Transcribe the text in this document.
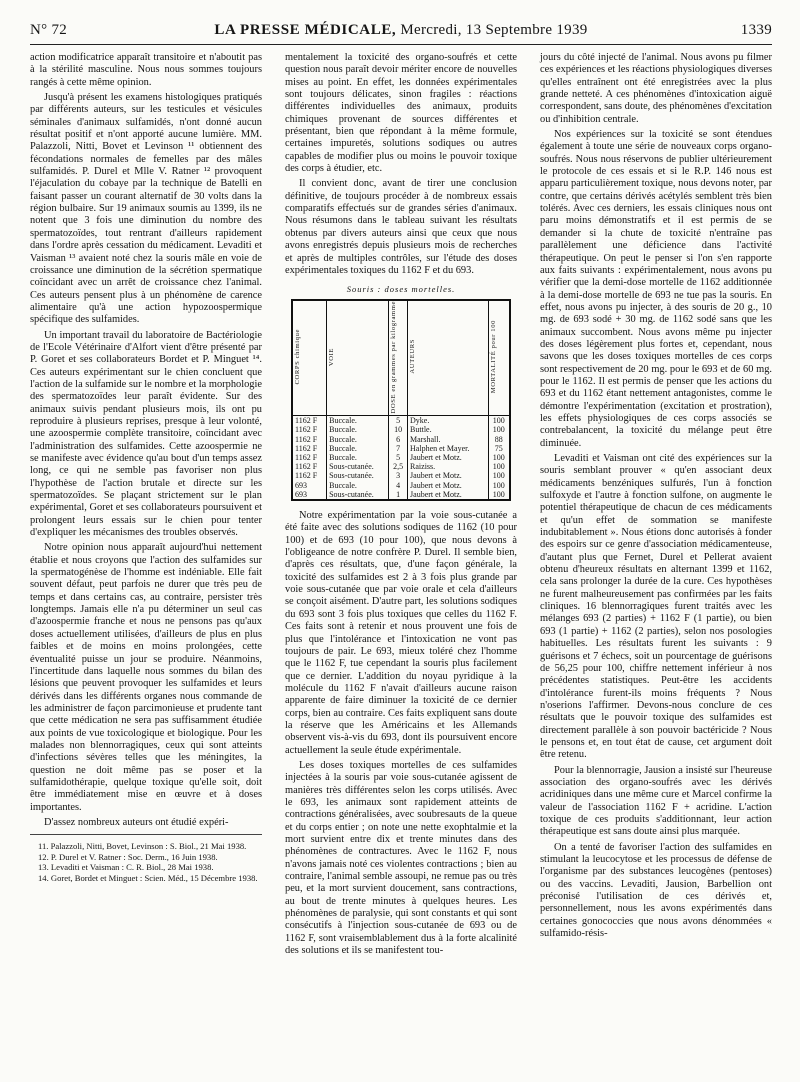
N° 72	LA PRESSE MÉDICALE, Mercredi, 13 Septembre 1939	1339

action modificatrice apparaît transitoire et n'aboutit pas à la stérilité masculine. Nous nous sommes toujours rangés à cette même opinion.

Jusqu'à présent les examens histologiques pratiqués par différents auteurs, sur les testicules et vésicules séminales d'animaux sulfamidés, n'ont donné aucun résultat positif et n'ont apporté aucune lumière. MM. Palazzoli, Nitti, Bovet et Levinson ¹¹ obtiennent des fécondations normales de femelles par des mâles sulfamidés. P. Durel et Mlle V. Ratner ¹² provoquent l'éjaculation du cobaye par la technique de Batelli en faisant passer un courant alternatif de 30 volts dans la région bulbaire. Sur 19 animaux soumis au 1399, ils ne notent que 3 fois une diminution du nombre des spermatozoïdes, tout rentrant d'ailleurs rapidement dans l'ordre après cessation du médicament. Levaditi et Vaisman ¹³ avaient noté chez la souris mâle en voie de croissance une diminution de la sécrétion spermatique coïncidant avec un arrêt de croissance chez l'animal. Ces auteurs pensent plus à un phénomène de carence alimentaire qu'à une action hypozoospermique spécifique des sulfamides.

Un important travail du laboratoire de Bactériologie de l'Ecole Vétérinaire d'Alfort vient d'être présenté par P. Goret et ses collaborateurs Bordet et P. Minguet ¹⁴. Ces auteurs expérimentant sur le chien concluent que l'action de la sulfamide sur le nombre et la morphologie des spermatozoïdes leur paraît évidente. Sur des animaux suivis pendant plusieurs mois, ils ont pu reproduire à plusieurs reprises, presque à leur volonté, une azoospermie complète transitoire, coïncidant avec l'administration des sulfamides. Cette azoospermie ne se manifeste avec évidence qu'au bout d'un temps assez long, ce qui ne semble pas favoriser non plus l'hypothèse de l'action brutale et directe sur les spermatozoïdes. Se plaçant strictement sur le plan expérimental, Goret et ses collaborateurs poursuivent et prolongent leurs essais sur le chien pour tenter d'expliquer les mécanismes des troubles observés.

Notre opinion nous apparaît aujourd'hui nettement établie et nous croyons que l'action des sulfamides sur la spermatogénèse de l'homme est indéniable. Elle fait souvent défaut, peut parfois ne durer que très peu de temps et dans certains cas, au contraire, persister très longtemps. Jamais elle n'a pu déterminer un seul cas d'azoospermie franche et nous ne pensons pas qu'aux doses actuellement utilisées, d'ailleurs de plus en plus faibles et de moins en moins prolongées, cette éventualité puisse un jour se produire. Néanmoins, l'incertitude dans laquelle nous sommes du bilan des lésions que peuvent provoquer les sulfamides et leurs dérivés dans les différents organes nous commande de les administrer de façon parcimonieuse et prudente tant que cette médication ne sera pas suffisamment étudiée aux points de vue toxicologique et biologique. Pour les malades non blennorragiques, ceux qui sont atteints d'infections sévères telles que les méningites, la question ne doit même pas se poser et la sulfamidothérapie, quelque toxique qu'elle soit, doit être immédiatement mise en œuvre et à doses importantes.

D'assez nombreux auteurs ont étudié expéri-

11. Palazzoli, Nitti, Bovet, Levinson : S. Biol., 21 Mai 1938.
12. P. Durel et V. Ratner : Soc. Derm., 16 Juin 1938.
13. Levaditi et Vaisman : C. R. Biol., 28 Mai 1938.
14. Goret, Bordet et Minguet : Scien. Méd., 15 Décembre 1938.

mentalement la toxicité des organo-soufrés et cette question nous paraît devoir mériter encore de nouvelles mises au point. En effet, les données expérimentales sont toujours délicates, sinon fragiles : réactions différentes individuelles des animaux, produits chimiques provenant de sources différentes et présentant, bien que répondant à la même formule, certaines impuretés, solutions sodiques ou autres capables de modifier plus ou moins le pouvoir toxique des corps à étudier, etc.

Il convient donc, avant de tirer une conclusion définitive, de toujours procéder à de nombreux essais comparatifs effectués sur de grandes séries d'animaux. Nous résumons dans le tableau suivant les résultats obtenus par divers auteurs ainsi que ceux que nous avons enregistrés depuis plusieurs mois de recherches et après de multiples contrôles, sur l'étude des doses expérimentales toxiques du 1162 F et du 693.

Souris : doses mortelles.
CORPS chimique	VOIE	DOSE en grammes par kilogramme	AUTEURS	MORTALITÉ pour 100
1162 F	Buccale.	5	Dyke.	100
1162 F	Buccale.	10	Buttle.	100
1162 F	Buccale.	6	Marshall.	88
1162 F	Buccale.	7	Halphen et Mayer.	75
1162 F	Buccale.	5	Jaubert et Motz.	100
1162 F	Sous-cutanée.	2,5	Raiziss.	100
1162 F	Sous-cutanée.	3	Jaubert et Motz.	100
693	Buccale.	4	Jaubert et Motz.	100
693	Sous-cutanée.	1	Jaubert et Motz.	100

Notre expérimentation par la voie sous-cutanée a été faite avec des solutions sodiques de 1162 (10 pour 100) et de 693 (10 pour 100), que nous devons à l'obligeance de notre confrère P. Durel. Il semble bien, d'après ces résultats, que, d'une façon générale, la toxicité des sulfamides est 2 à 3 fois plus grande par voie sous-cutanée que par voie orale et cela d'ailleurs se conçoit aisément. D'autre part, les solutions sodiques du 693 sont 3 fois plus toxiques que celles du 1162 F. Ces faits sont à retenir et nous prouvent une fois de plus que l'intolérance et l'intoxication ne vont pas toujours de pair. Le 693, mieux toléré chez l'homme que le 1162 F, tue cependant la souris plus facilement que ce dernier. L'addition du noyau pyridique à la molécule du 1162 F n'avait d'ailleurs aucune raison apparente de faire diminuer la toxicité de ce dernier corps, bien au contraire. Ces faits expliquent sans doute la réserve que les Américains et les Allemands observent vis-à-vis du 693, dont ils poursuivent encore actuellement la seule étude expérimentale.

Les doses toxiques mortelles de ces sulfamides injectées à la souris par voie sous-cutanée agissent de manières très différentes selon les corps utilisés. Avec le 693, les animaux sont rapidement atteints de contractions généralisées, avec soubresauts de la queue et du corps entier ; on note une nette exophtalmie et la mort survient entre dix et trente minutes dans des phénomènes de contractures. Avec le 1162 F, nous n'avons jamais noté ces violentes contractions ; bien au contraire, l'animal semble assoupi, ne remue pas ou très peu, et la mort survient doucement, sans contractions, au bout de trente minutes à quelques heures. Les phénomènes de paralysie, qui sont constants et qui sont consécutifs à l'injection sous-cutanée de 693 ou de 1162 F, sont vraisemblablement dus à la forte alcalinité des solutions et ils se manifestent tou-

jours du côté injecté de l'animal. Nous avons pu filmer ces expériences et les réactions physiologiques diverses qu'elles entraînent ont été enregistrées avec la plus grande netteté. A ces phénomènes d'intoxication aiguë correspondent, sans doute, des phénomènes d'excitation ou d'inhibition centrale.

Nos expériences sur la toxicité se sont étendues également à toute une série de nouveaux corps organo-soufrés. Nous nous réservons de publier ultérieurement le protocole de ces essais et si le R.P. 146 nous est apparu particulièrement toxique, nous devons noter, par contre, que certains dérivés acétylés semblent très bien tolérés. Avec ces derniers, les essais cliniques nous ont paru moins démonstratifs et il est permis de se demander si la chute de toxicité n'entraîne pas parallèlement une déficience dans l'activité thérapeutique. On peut le penser si l'on s'en rapporte aux faits suivants : expérimentalement, nous avons pu vérifier que la demi-dose mortelle de 1162 additionnée à la demi-dose mortelle de 693 ne tue pas la souris. En effet, nous avons pu injecter, à des souris de 20 g., 10 mg. de 693 sodé + 30 mg. de 1162 sodé sans que les animaux succombent. Nous avons même pu injecter des doses légèrement plus fortes et, cependant, nous savons que les doses toxiques mortelles de ces corps sont respectivement de 20 mg. pour le 693 et de 60 mg. pour le 1162. Il est permis de penser que les actions du 693 et du 1162 étant nettement antagonistes, comme le démontre l'expérimentation (excitation et prostration), les effets physiologiques de ces corps associés se contrebalancent, la toxicité du mélange peut être diminuée.

Levaditi et Vaisman ont cité des expériences sur la souris semblant prouver « qu'en associant deux médicaments benzéniques sulfurés, l'un à fonction sulfoxyde et l'autre à fonction sulfone, on augmente le potentiel thérapeutique de chacun de ces médicaments et qu'un effet de sommation se manifeste indubitablement ». Nous étions donc autorisés à fonder des espoirs sur ce genre d'association médicamenteuse, d'autant plus que Fernet, Durel et Pellerat avaient obtenu d'heureux résultats en alternant 1399 et 1162, cela sans prolonger la durée de la cure. Ces hypothèses ne furent malheureusement pas confirmées par les faits cliniques. 16 blennorragiques furent traités avec les mélanges 693 (2 parties) + 1162 F (1 partie), ou bien 693 (1 partie) + 1162 (2 parties), selon nos posologies habituelles. Les résultats furent les suivants : 9 guérisons et 7 échecs, soit un pourcentage de guérisons de 56,25 pour 100, chiffre nettement inférieur à nos précédentes statistiques. Peut-être les accidents d'intolérance furent-ils moins fréquents ? Nous n'oserions l'affirmer. Devons-nous conclure de ces résultats que le pouvoir toxique des sulfamides est directement parallèle à son pouvoir bactéricide ? Nous le pensons et, en tout état de cause, cet argument doit être retenu.

Pour la blennorragie, Jausion a insisté sur l'heureuse association des organo-soufrés avec les dérivés acridiniques dans une même cure et Marcel confirme la valeur de l'association 1162 F + acridine. L'action toxique de ces produits s'additionnant, leur action thérapeutique est sans doute ainsi plus marquée.

On a tenté de favoriser l'action des sulfamides en stimulant la leucocytose et les processus de défense de l'organisme par des substances leucogènes (pentoses) ou des vaccins. Levaditi, Jausion, Barbellion ont préconisé l'utilisation de ces dérivés et, personnellement, nous les avons expérimentés dans certaines gonococcies que nous avons dénommées « sulfamido-résis-
